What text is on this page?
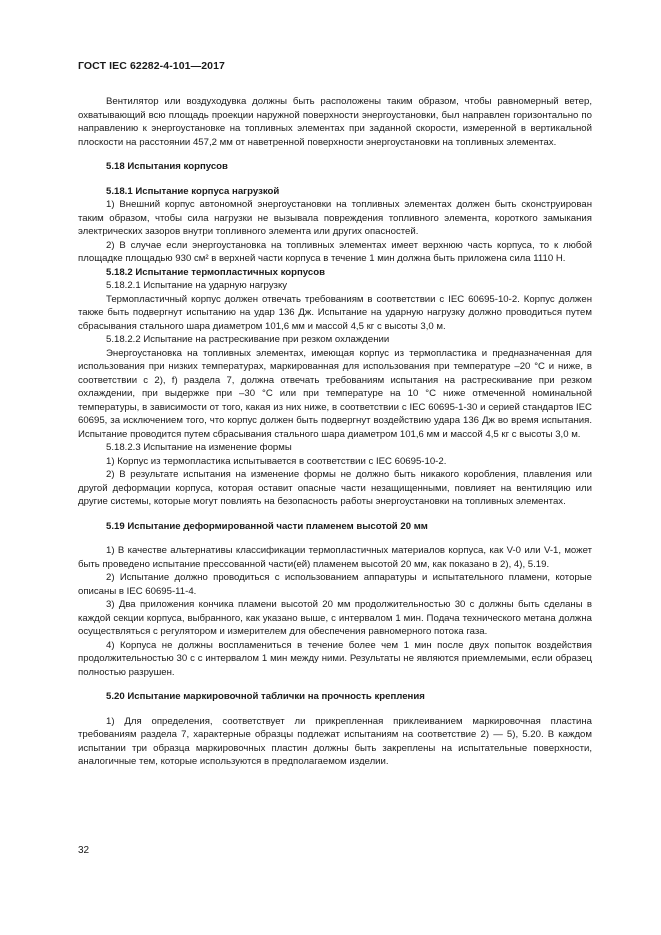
ГОСТ IEC 62282-4-101—2017

Вентилятор или воздуходувка должны быть расположены таким образом, чтобы равномерный ветер, охватывающий всю площадь проекции наружной поверхности энергоустановки, был направлен горизонтально по направлению к энергоустановке на топливных элементах при заданной скорости, измеренной в вертикальной плоскости на расстоянии 457,2 мм от наветренной поверхности энергоустановки на топливных элементах.

5.18 Испытания корпусов

5.18.1 Испытание корпуса нагрузкой

1) Внешний корпус автономной энергоустановки на топливных элементах должен быть сконструирован таким образом, чтобы сила нагрузки не вызывала повреждения топливного элемента, короткого замыкания электрических зазоров внутри топливного элемента или других опасностей.

2) В случае если энергоустановка на топливных элементах имеет верхнюю часть корпуса, то к любой площадке площадью 930 см² в верхней части корпуса в течение 1 мин должна быть приложена сила 1110 Н.

5.18.2 Испытание термопластичных корпусов

5.18.2.1 Испытание на ударную нагрузку

Термопластичный корпус должен отвечать требованиям в соответствии с IEC 60695-10-2. Корпус должен также быть подвергнут испытанию на удар 136 Дж. Испытание на ударную нагрузку должно проводиться путем сбрасывания стального шара диаметром 101,6 мм и массой 4,5 кг с высоты 3,0 м.

5.18.2.2 Испытание на растрескивание при резком охлаждении

Энергоустановка на топливных элементах, имеющая корпус из термопластика и предназначенная для использования при низких температурах, маркированная для использования при температуре –20 °С и ниже, в соответствии с 2), f) раздела 7, должна отвечать требованиям испытания на растрескивание при резком охлаждении, при выдержке при –30 °С или при температуре на 10 °С ниже отмеченной номинальной температуры, в зависимости от того, какая из них ниже, в соответствии с IEC 60695-1-30 и серией стандартов IEC 60695, за исключением того, что корпус должен быть подвергнут воздействию удара 136 Дж во время испытания. Испытание проводится путем сбрасывания стального шара диаметром 101,6 мм и массой 4,5 кг с высоты 3,0 м.

5.18.2.3 Испытание на изменение формы

1) Корпус из термопластика испытывается в соответствии с IEC 60695-10-2.

2) В результате испытания на изменение формы не должно быть никакого коробления, плавления или другой деформации корпуса, которая оставит опасные части незащищенными, повлияет на вентиляцию или другие системы, которые могут повлиять на безопасность работы энергоустановки на топливных элементах.

5.19 Испытание деформированной части пламенем высотой 20 мм

1) В качестве альтернативы классификации термопластичных материалов корпуса, как V-0 или V-1, может быть проведено испытание прессованной части(ей) пламенем высотой 20 мм, как показано в 2), 4), 5.19.

2) Испытание должно проводиться с использованием аппаратуры и испытательного пламени, которые описаны в IEC 60695-11-4.

3) Два приложения кончика пламени высотой 20 мм продолжительностью 30 с должны быть сделаны в каждой секции корпуса, выбранного, как указано выше, с интервалом 1 мин. Подача технического метана должна осуществляться с регулятором и измерителем для обеспечения равномерного потока газа.

4) Корпуса не должны воспламениться в течение более чем 1 мин после двух попыток воздействия продолжительностью 30 с с интервалом 1 мин между ними. Результаты не являются приемлемыми, если образец полностью разрушен.

5.20 Испытание маркировочной таблички на прочность крепления

1) Для определения, соответствует ли прикрепленная приклеиванием маркировочная пластина требованиям раздела 7, характерные образцы подлежат испытаниям на соответствие 2) — 5), 5.20. В каждом испытании три образца маркировочных пластин должны быть закреплены на испытательные поверхности, аналогичные тем, которые используются в предполагаемом изделии.

32
